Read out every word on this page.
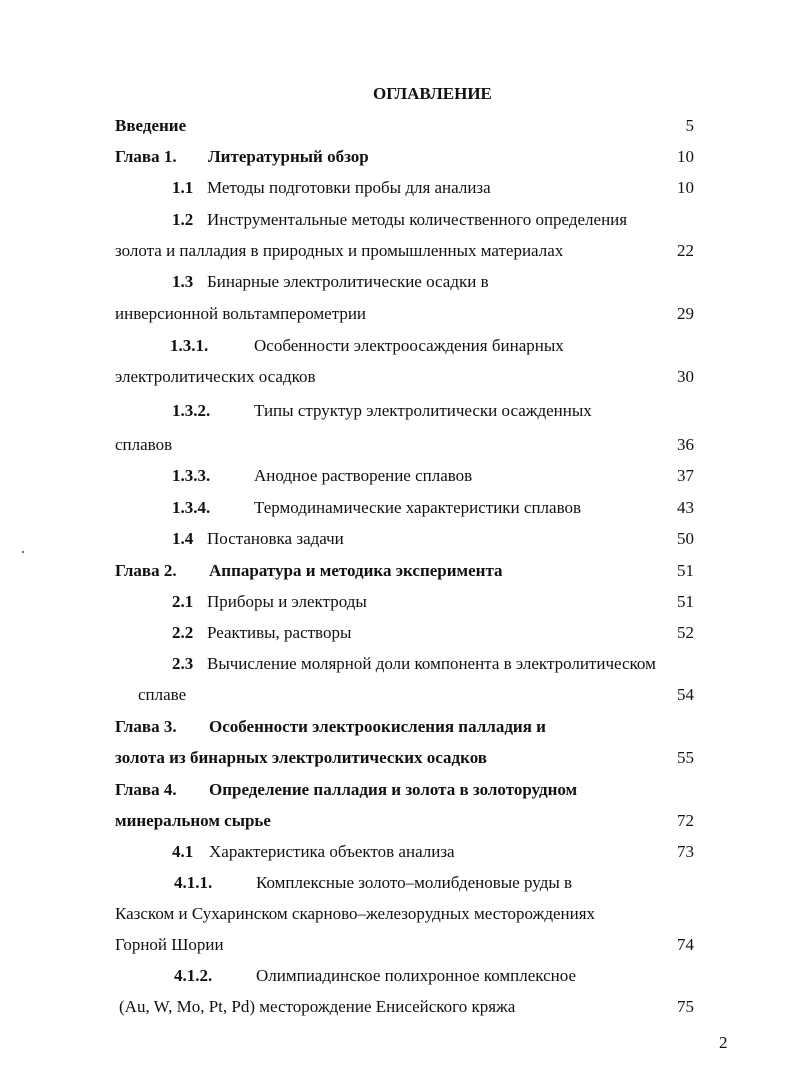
ОГЛАВЛЕНИЕ
Введение	5
Глава 1. Литературный обзор	10
1.1 Методы подготовки пробы для анализа	10
1.2 Инструментальные методы количественного определения
золота и палладия в природных и промышленных материалах	22
1.3 Бинарные электролитические осадки в
инверсионной вольтамперометрии	29
1.3.1.	Особенности электроосаждения бинарных
электролитических осадков	30
1.3.2.	Типы структур электролитически осажденных
сплавов	36
1.3.3.	Анодное растворение сплавов	37
1.3.4.	Термодинамические характеристики сплавов	43
1.4 Постановка задачи	50
Глава 2. Аппаратура и методика эксперимента	51
2.1 Приборы и электроды	51
2.2 Реактивы, растворы	52
2.3 Вычисление молярной доли компонента в электролитическом
сплаве	54
Глава 3. Особенности электроокисления палладия и
золота из бинарных электролитических осадков	55
Глава 4. Определение палладия и золота в золоторудном
минеральном сырье	72
4.1 Характеристика объектов анализа	73
4.1.1.	Комплексные золото–молибденовые руды в
Казском и Сухаринском скарново–железорудных месторождениях
Горной Шории	74
4.1.2.	Олимпиадинское полихронное комплексное
(Au, W, Mo, Pt, Pd) месторождение Енисейского кряжа	75
2
